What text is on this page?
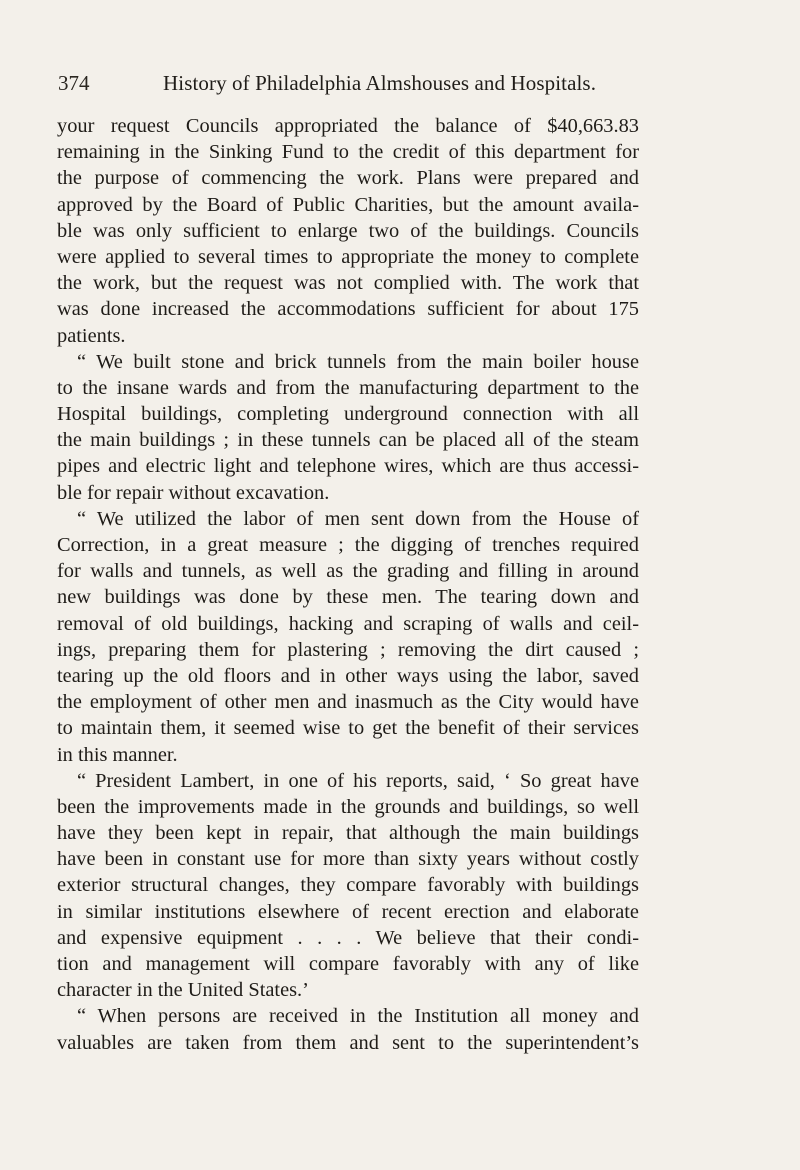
374	History of Philadelphia Almshouses and Hospitals.
your request Councils appropriated the balance of $40,663.83
remaining in the Sinking Fund to the credit of this department for
the purpose of commencing the work. Plans were prepared and
approved by the Board of Public Charities, but the amount availa-
ble was only sufficient to enlarge two of the buildings. Councils
were applied to several times to appropriate the money to complete
the work, but the request was not complied with. The work that
was done increased the accommodations sufficient for about 175
patients.
“ We built stone and brick tunnels from the main boiler house
to the insane wards and from the manufacturing department to the
Hospital buildings, completing underground connection with all
the main buildings ; in these tunnels can be placed all of the steam
pipes and electric light and telephone wires, which are thus accessi-
ble for repair without excavation.
“ We utilized the labor of men sent down from the House of
Correction, in a great measure ; the digging of trenches required
for walls and tunnels, as well as the grading and filling in around
new buildings was done by these men. The tearing down and
removal of old buildings, hacking and scraping of walls and ceil-
ings, preparing them for plastering ; removing the dirt caused ;
tearing up the old floors and in other ways using the labor, saved
the employment of other men and inasmuch as the City would have
to maintain them, it seemed wise to get the benefit of their services
in this manner.
“ President Lambert, in one of his reports, said, ‘ So great have
been the improvements made in the grounds and buildings, so well
have they been kept in repair, that although the main buildings
have been in constant use for more than sixty years without costly
exterior structural changes, they compare favorably with buildings
in similar institutions elsewhere of recent erection and elaborate
and expensive equipment . . . . We believe that their condi-
tion and management will compare favorably with any of like
character in the United States.’
“ When persons are received in the Institution all money and
valuables are taken from them and sent to the superintendent’s
